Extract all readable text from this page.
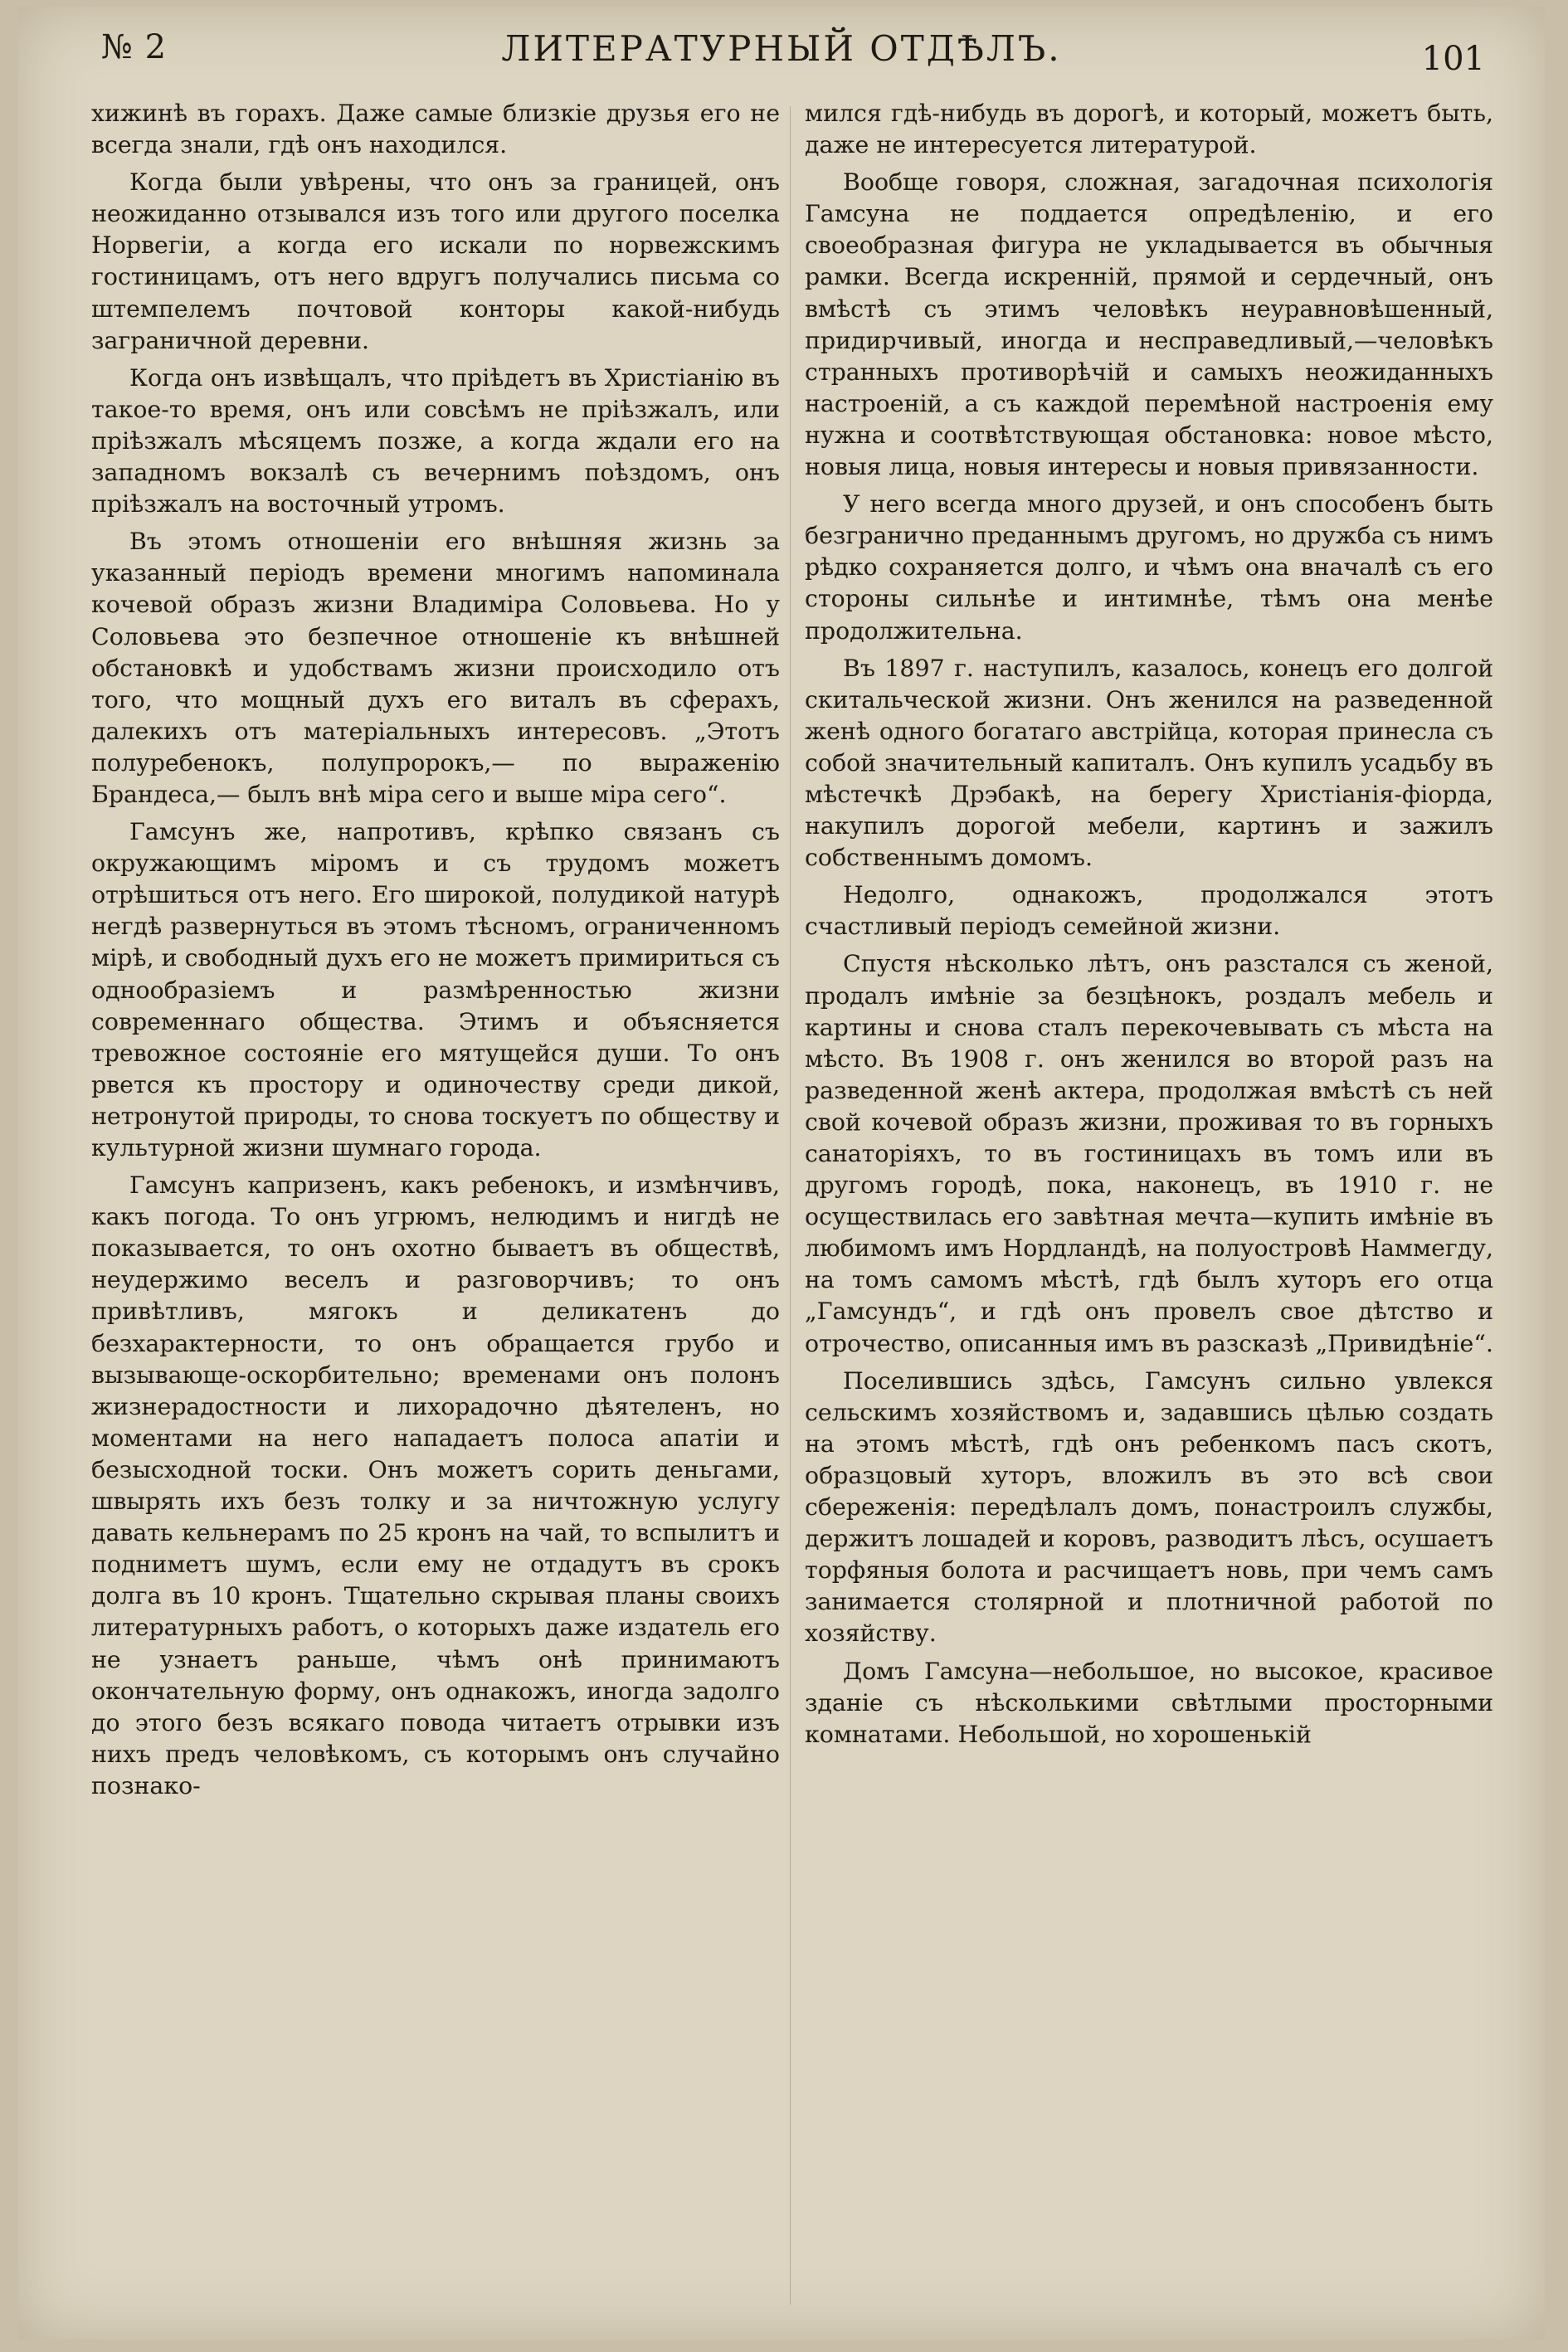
№ 2	ЛИТЕРАТУРНЫЙ ОТДѢЛЪ.	101

хижинѣ въ горахъ. Даже самые близкіе друзья его не всегда знали, гдѣ онъ находился.

Когда были увѣрены, что онъ за границей, онъ неожиданно отзывался изъ того или другого поселка Норвегіи, а когда его искали по норвежскимъ гостиницамъ, отъ него вдругъ получались письма со штемпелемъ почтовой конторы какой-нибудь заграничной деревни.

Когда онъ извѣщалъ, что пріѣдетъ въ Христіанію въ такое-то время, онъ или совсѣмъ не пріѣзжалъ, или пріѣзжалъ мѣсяцемъ позже, а когда ждали его на западномъ вокзалѣ съ вечернимъ поѣздомъ, онъ пріѣзжалъ на восточный утромъ.

Въ этомъ отношеніи его внѣшняя жизнь за указанный періодъ времени многимъ напоминала кочевой образъ жизни Владиміра Соловьева. Но у Соловьева это безпечное отношеніе къ внѣшней обстановкѣ и удобствамъ жизни происходило отъ того, что мощный духъ его виталъ въ сферахъ, далекихъ отъ матеріальныхъ интересовъ. „Этотъ полуребенокъ, полупророкъ,— по выраженію Брандеса,— былъ внѣ міра сего и выше міра сего“.

Гамсунъ же, напротивъ, крѣпко связанъ съ окружающимъ міромъ и съ трудомъ можетъ отрѣшиться отъ него. Его широкой, полудикой натурѣ негдѣ развернуться въ этомъ тѣсномъ, ограниченномъ мірѣ, и свободный духъ его не можетъ примириться съ однообразіемъ и размѣренностью жизни современнаго общества. Этимъ и объясняется тревожное состояніе его мятущейся души. То онъ рвется къ простору и одиночеству среди дикой, нетронутой природы, то снова тоскуетъ по обществу и культурной жизни шумнаго города.

Гамсунъ капризенъ, какъ ребенокъ, и измѣнчивъ, какъ погода. То онъ угрюмъ, нелюдимъ и нигдѣ не показывается, то онъ охотно бываетъ въ обществѣ, неудержимо веселъ и разговорчивъ; то онъ привѣтливъ, мягокъ и деликатенъ до безхарактерности, то онъ обращается грубо и вызывающе-оскорбительно; временами онъ полонъ жизнерадостности и лихорадочно дѣятеленъ, но моментами на него нападаетъ полоса апатіи и безысходной тоски. Онъ можетъ сорить деньгами, швырять ихъ безъ толку и за ничтожную услугу давать кельнерамъ по 25 кронъ на чай, то вспылитъ и подниметъ шумъ, если ему не отдадутъ въ срокъ долга въ 10 кронъ. Тщательно скрывая планы своихъ литературныхъ работъ, о которыхъ даже издатель его не узнаетъ раньше, чѣмъ онѣ принимаютъ окончательную форму, онъ однакожъ, иногда задолго до этого безъ всякаго повода читаетъ отрывки изъ нихъ предъ человѣкомъ, съ которымъ онъ случайно познако-

мился гдѣ-нибудь въ дорогѣ, и который, можетъ быть, даже не интересуется литературой.

Вообще говоря, сложная, загадочная психологія Гамсуна не поддается опредѣленію, и его своеобразная фигура не укладывается въ обычныя рамки. Всегда искренній, прямой и сердечный, онъ вмѣстѣ съ этимъ человѣкъ неуравновѣшенный, придирчивый, иногда и несправедливый,—человѣкъ странныхъ противорѣчій и самыхъ неожиданныхъ настроеній, а съ каждой перемѣной настроенія ему нужна и соотвѣтствующая обстановка: новое мѣсто, новыя лица, новыя интересы и новыя привязанности.

У него всегда много друзей, и онъ способенъ быть безгранично преданнымъ другомъ, но дружба съ нимъ рѣдко сохраняется долго, и чѣмъ она вначалѣ съ его стороны сильнѣе и интимнѣе, тѣмъ она менѣе продолжительна.

Въ 1897 г. наступилъ, казалось, конецъ его долгой скитальческой жизни. Онъ женился на разведенной женѣ одного богатаго австрійца, которая принесла съ собой значительный капиталъ. Онъ купилъ усадьбу въ мѣстечкѣ Дрэбакѣ, на берегу Христіанія-фіорда, накупилъ дорогой мебели, картинъ и зажилъ собственнымъ домомъ.

Недолго, однакожъ, продолжался этотъ счастливый періодъ семейной жизни.

Спустя нѣсколько лѣтъ, онъ разстался съ женой, продалъ имѣніе за безцѣнокъ, роздалъ мебель и картины и снова сталъ перекочевывать съ мѣста на мѣсто. Въ 1908 г. онъ женился во второй разъ на разведенной женѣ актера, продолжая вмѣстѣ съ ней свой кочевой образъ жизни, проживая то въ горныхъ санаторіяхъ, то въ гостиницахъ въ томъ или въ другомъ городѣ, пока, наконецъ, въ 1910 г. не осуществилась его завѣтная мечта—купить имѣніе въ любимомъ имъ Нордландѣ, на полуостровѣ Наммегду, на томъ самомъ мѣстѣ, гдѣ былъ хуторъ его отца „Гамсундъ“, и гдѣ онъ провелъ свое дѣтство и отрочество, описанныя имъ въ разсказѣ „Привидѣніе“.

Поселившись здѣсь, Гамсунъ сильно увлекся сельскимъ хозяйствомъ и, задавшись цѣлью создать на этомъ мѣстѣ, гдѣ онъ ребенкомъ пасъ скотъ, образцовый хуторъ, вложилъ въ это всѣ свои сбереженія: передѣлалъ домъ, понастроилъ службы, держитъ лошадей и коровъ, разводитъ лѣсъ, осушаетъ торфяныя болота и расчищаетъ новь, при чемъ самъ занимается столярной и плотничной работой по хозяйству.

Домъ Гамсуна—небольшое, но высокое, красивое зданіе съ нѣсколькими свѣтлыми просторными комнатами. Небольшой, но хорошенькій
